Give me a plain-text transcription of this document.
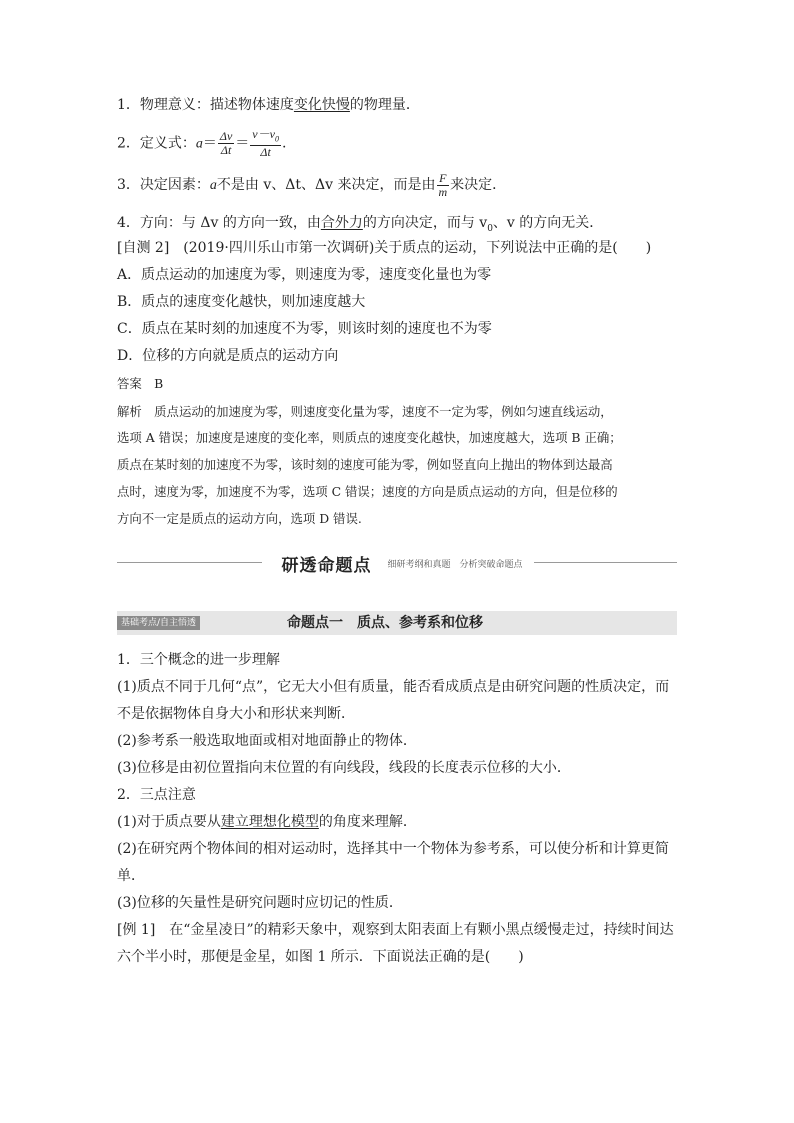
1．物理意义：描述物体速度变化快慢的物理量．
2．定义式：$a= \frac{\Delta v}{\Delta t} = \frac{v-v_0}{\Delta t}$ .
3．决定因素：a不是由 v、Δt、Δv 来决定，而是由 $\frac{F}{m}$ 来决定．
4．方向：与 Δv 的方向一致，由合外力的方向决定，而与 $v_0$、v 的方向无关．
[自测 2]　(2019·四川乐山市第一次调研)关于质点的运动，下列说法中正确的是(　　)
A．质点运动的加速度为零，则速度为零，速度变化量也为零
B．质点的速度变化越快，则加速度越大
C．质点在某时刻的加速度不为零，则该时刻的速度也不为零
D．位移的方向就是质点的运动方向
答案　B
解析　质点运动的加速度为零，则速度变化量为零，速度不一定为零，例如匀速直线运动，
选项 A 错误；加速度是速度的变化率，则质点的速度变化越快，加速度越大，选项 B 正确；
质点在某时刻的加速度不为零，该时刻的速度可能为零，例如竖直向上抛出的物体到达最高
点时，速度为零，加速度不为零，选项 C 错误；速度的方向是质点运动的方向，但是位移的
方向不一定是质点的运动方向，选项 D 错误.
研透命题点	细研考纲和真题　分析突破命题点
基础考点/自主悟透	命题点一　质点、参考系和位移
1．三个概念的进一步理解
(1)质点不同于几何“点”，它无大小但有质量，能否看成质点是由研究问题的性质决定，而
不是依据物体自身大小和形状来判断．
(2)参考系一般选取地面或相对地面静止的物体．
(3)位移是由初位置指向末位置的有向线段，线段的长度表示位移的大小．
2．三点注意
(1)对于质点要从建立理想化模型的角度来理解．
(2)在研究两个物体间的相对运动时，选择其中一个物体为参考系，可以使分析和计算更简
单．
(3)位移的矢量性是研究问题时应切记的性质．
[例 1]　在“金星凌日”的精彩天象中，观察到太阳表面上有颗小黑点缓慢走过，持续时间达
六个半小时，那便是金星，如图 1 所示．下面说法正确的是(　　)
